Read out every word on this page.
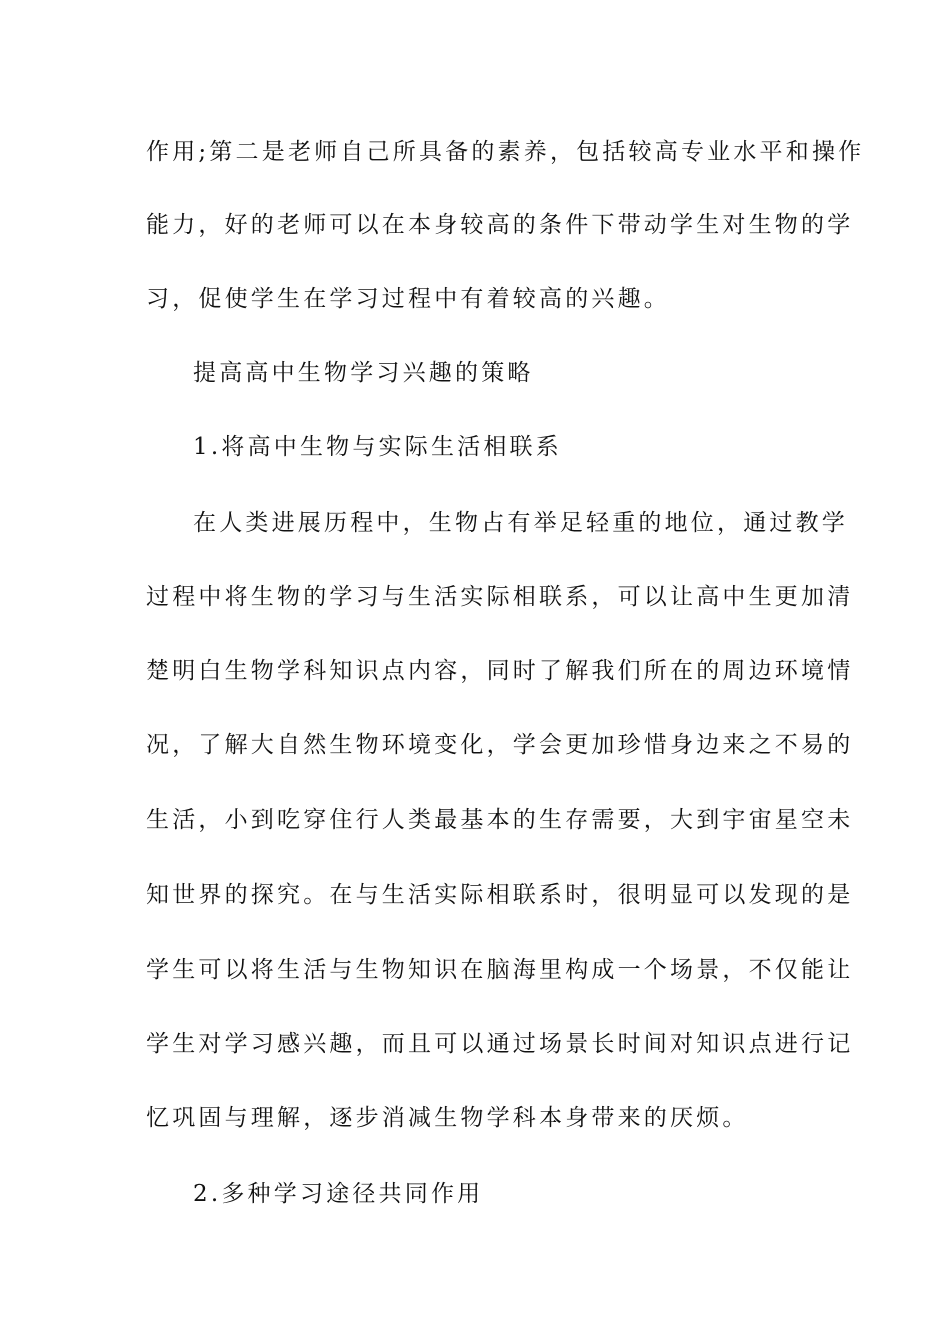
作用;第二是老师自己所具备的素养，包括较高专业水平和操作
能力，好的老师可以在本身较高的条件下带动学生对生物的学
习，促使学生在学习过程中有着较高的兴趣。
提高高中生物学习兴趣的策略
1.将高中生物与实际生活相联系
在人类进展历程中，生物占有举足轻重的地位，通过教学
过程中将生物的学习与生活实际相联系，可以让高中生更加清
楚明白生物学科知识点内容，同时了解我们所在的周边环境情
况，了解大自然生物环境变化，学会更加珍惜身边来之不易的
生活，小到吃穿住行人类最基本的生存需要，大到宇宙星空未
知世界的探究。在与生活实际相联系时，很明显可以发现的是
学生可以将生活与生物知识在脑海里构成一个场景，不仅能让
学生对学习感兴趣，而且可以通过场景长时间对知识点进行记
忆巩固与理解，逐步消减生物学科本身带来的厌烦。
2.多种学习途径共同作用
